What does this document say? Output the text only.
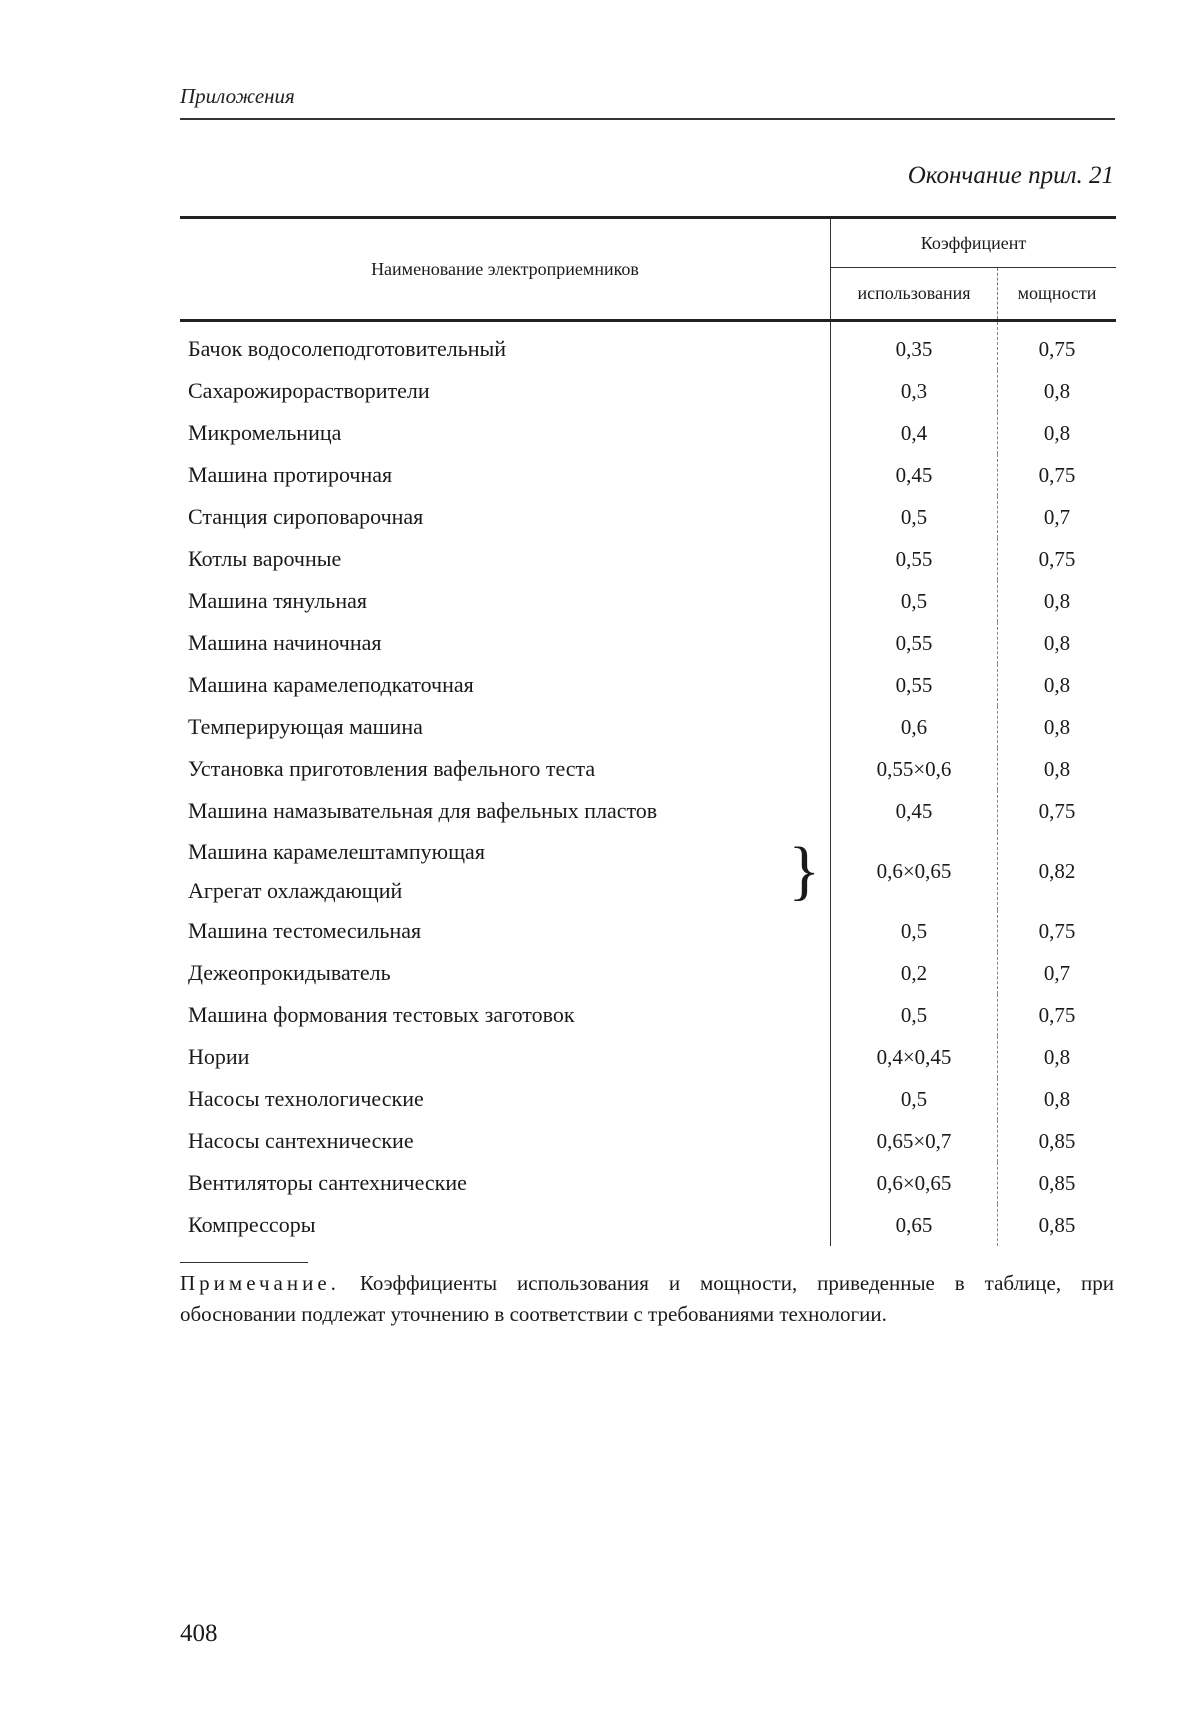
Приложения
Окончание прил. 21
Наименование электроприемников	Коэффициент	
	использования	мощности
Бачок водосолеподготовительный	0,35	0,75
Сахарожирорастворители	0,3	0,8
Микромельница	0,4	0,8
Машина протирочная	0,45	0,75
Станция сироповарочная	0,5	0,7
Котлы варочные	0,55	0,75
Машина тянульная	0,5	0,8
Машина начиночная	0,55	0,8
Машина карамелеподкаточная	0,55	0,8
Темперирующая машина	0,6	0,8
Установка приготовления вафельного теста	0,55×0,6	0,8
Машина намазывательная для вафельных пластов	0,45	0,75

Машина карамелештампующая
Агрегат охлаждающий }	0,6×0,65	0,82
Машина тестомесильная	0,5	0,75
Дежеопрокидыватель	0,2	0,7
Машина формования тестовых заготовок	0,5	0,75
Нории	0,4×0,45	0,8
Насосы технологические	0,5	0,8
Насосы сантехнические	0,65×0,7	0,85
Вентиляторы сантехнические	0,6×0,65	0,85
Компрессоры	0,65	0,85
Примечание. Коэффициенты использования и мощности, приведенные в таблице, при обосновании подлежат уточнению в соответствии с требованиями технологии.
408
